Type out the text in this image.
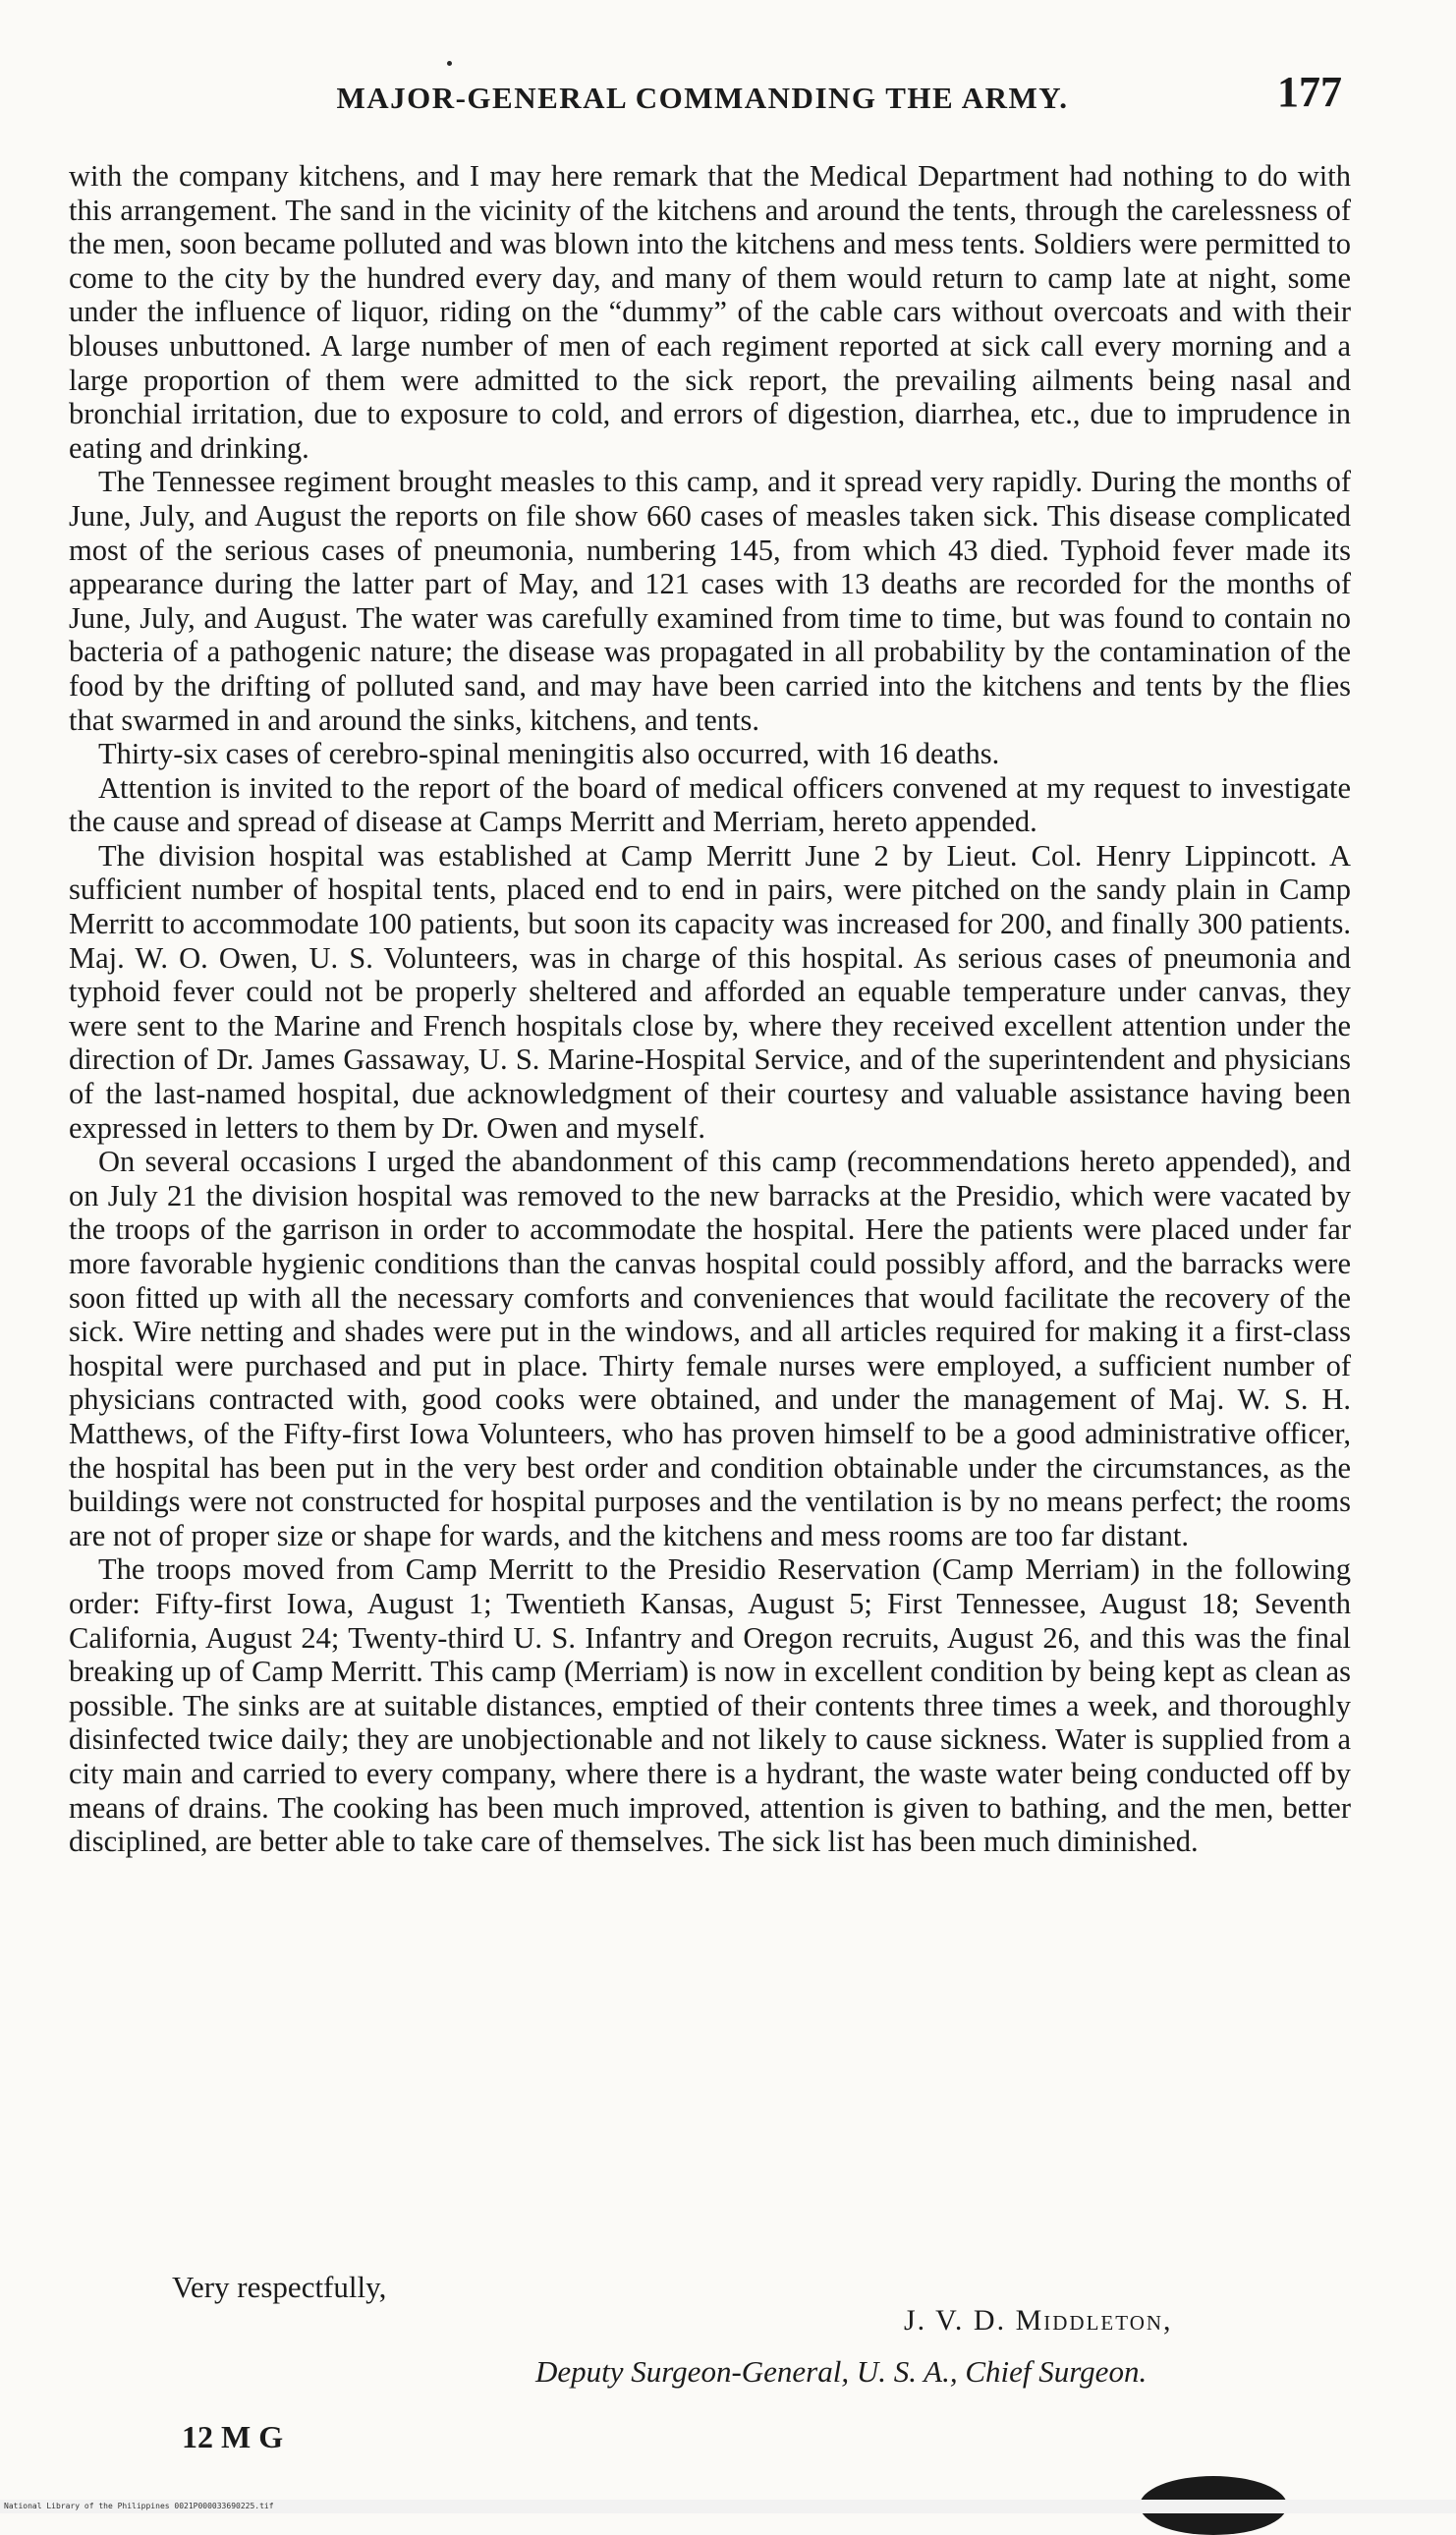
MAJOR-GENERAL COMMANDING THE ARMY.	177

with the company kitchens, and I may here remark that the Medical Department had nothing to do with this arrangement. The sand in the vicinity of the kitchens and around the tents, through the carelessness of the men, soon became polluted and was blown into the kitchens and mess tents. Soldiers were permitted to come to the city by the hundred every day, and many of them would return to camp late at night, some under the influence of liquor, riding on the “dummy” of the cable cars without overcoats and with their blouses unbuttoned. A large number of men of each regiment reported at sick call every morning and a large proportion of them were admitted to the sick report, the prevailing ailments being nasal and bronchial irritation, due to exposure to cold, and errors of digestion, diarrhea, etc., due to imprudence in eating and drinking.

The Tennessee regiment brought measles to this camp, and it spread very rapidly. During the months of June, July, and August the reports on file show 660 cases of measles taken sick. This disease complicated most of the serious cases of pneumonia, numbering 145, from which 43 died. Typhoid fever made its appearance during the latter part of May, and 121 cases with 13 deaths are recorded for the months of June, July, and August. The water was carefully examined from time to time, but was found to contain no bacteria of a pathogenic nature; the disease was propagated in all probability by the contamination of the food by the drifting of polluted sand, and may have been carried into the kitchens and tents by the flies that swarmed in and around the sinks, kitchens, and tents.

Thirty-six cases of cerebro-spinal meningitis also occurred, with 16 deaths.

Attention is invited to the report of the board of medical officers convened at my request to investigate the cause and spread of disease at Camps Merritt and Merriam, hereto appended.

The division hospital was established at Camp Merritt June 2 by Lieut. Col. Henry Lippincott. A sufficient number of hospital tents, placed end to end in pairs, were pitched on the sandy plain in Camp Merritt to accommodate 100 patients, but soon its capacity was increased for 200, and finally 300 patients. Maj. W. O. Owen, U. S. Volunteers, was in charge of this hospital. As serious cases of pneumonia and typhoid fever could not be properly sheltered and afforded an equable temperature under canvas, they were sent to the Marine and French hospitals close by, where they received excellent attention under the direction of Dr. James Gassaway, U. S. Marine-Hospital Service, and of the superintendent and physicians of the last-named hospital, due acknowledgment of their courtesy and valuable assistance having been expressed in letters to them by Dr. Owen and myself.

On several occasions I urged the abandonment of this camp (recommendations hereto appended), and on July 21 the division hospital was removed to the new barracks at the Presidio, which were vacated by the troops of the garrison in order to accommodate the hospital. Here the patients were placed under far more favorable hygienic conditions than the canvas hospital could possibly afford, and the barracks were soon fitted up with all the necessary comforts and conveniences that would facilitate the recovery of the sick. Wire netting and shades were put in the windows, and all articles required for making it a first-class hospital were purchased and put in place. Thirty female nurses were employed, a sufficient number of physicians contracted with, good cooks were obtained, and under the management of Maj. W. S. H. Matthews, of the Fifty-first Iowa Volunteers, who has proven himself to be a good administrative officer, the hospital has been put in the very best order and condition obtainable under the circumstances, as the buildings were not constructed for hospital purposes and the ventilation is by no means perfect; the rooms are not of proper size or shape for wards, and the kitchens and mess rooms are too far distant.

The troops moved from Camp Merritt to the Presidio Reservation (Camp Merriam) in the following order: Fifty-first Iowa, August 1; Twentieth Kansas, August 5; First Tennessee, August 18; Seventh California, August 24; Twenty-third U. S. Infantry and Oregon recruits, August 26, and this was the final breaking up of Camp Merritt. This camp (Merriam) is now in excellent condition by being kept as clean as possible. The sinks are at suitable distances, emptied of their contents three times a week, and thoroughly disinfected twice daily; they are unobjectionable and not likely to cause sickness. Water is supplied from a city main and carried to every company, where there is a hydrant, the waste water being conducted off by means of drains. The cooking has been much improved, attention is given to bathing, and the men, better disciplined, are better able to take care of themselves. The sick list has been much diminished.

Very respectfully,
J. V. D. Middleton,
Deputy Surgeon-General, U. S. A., Chief Surgeon.
12 M G
National Library of the Philippines 0021P000033690225.tif
